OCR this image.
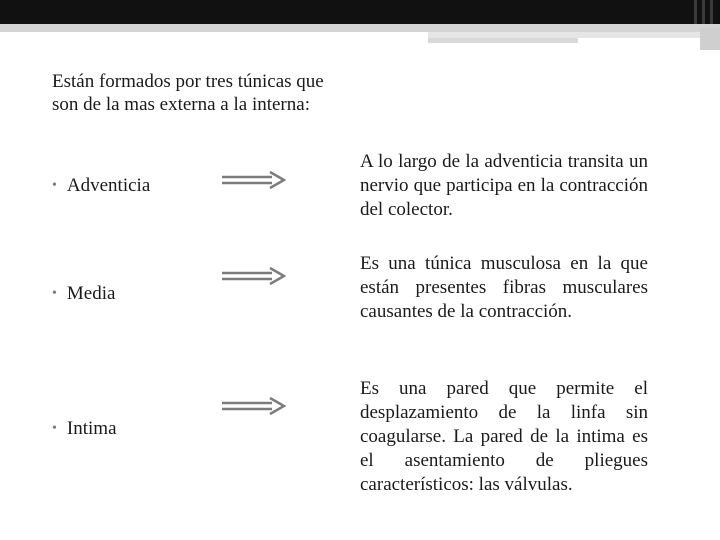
Están formados por tres túnicas que son de la mas externa a la interna:

• Adventicia

A lo largo de la adventicia transita un nervio que participa en la contracción del colector.

• Media

Es una túnica musculosa en la que están presentes fibras musculares causantes de la contracción.

• Intima

Es una pared que permite el desplazamiento de la linfa sin coagularse. La pared de la intima es el asentamiento de pliegues característicos: las válvulas.
